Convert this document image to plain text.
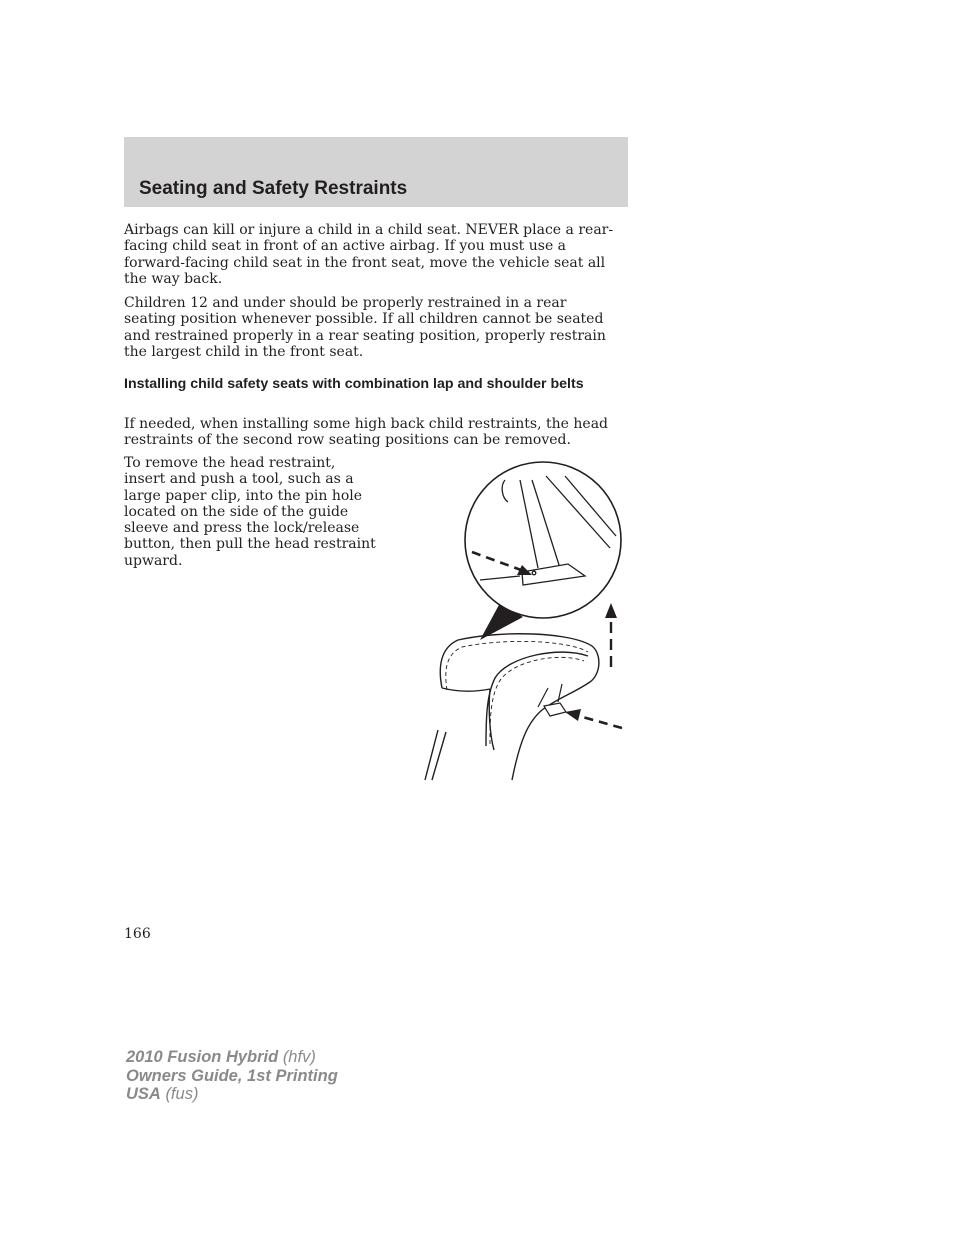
Seating and Safety Restraints

Airbags can kill or injure a child in a child seat. NEVER place a rear-facing child seat in front of an active airbag. If you must use a forward-facing child seat in the front seat, move the vehicle seat all the way back.

Children 12 and under should be properly restrained in a rear seating position whenever possible. If all children cannot be seated and restrained properly in a rear seating position, properly restrain the largest child in the front seat.

Installing child safety seats with combination lap and shoulder belts

If needed, when installing some high back child restraints, the head restraints of the second row seating positions can be removed.

To remove the head restraint, insert and push a tool, such as a large paper clip, into the pin hole located on the side of the guide sleeve and press the lock/release button, then pull the head restraint upward.

166

2010 Fusion Hybrid (hfv)
Owners Guide, 1st Printing
USA (fus)
